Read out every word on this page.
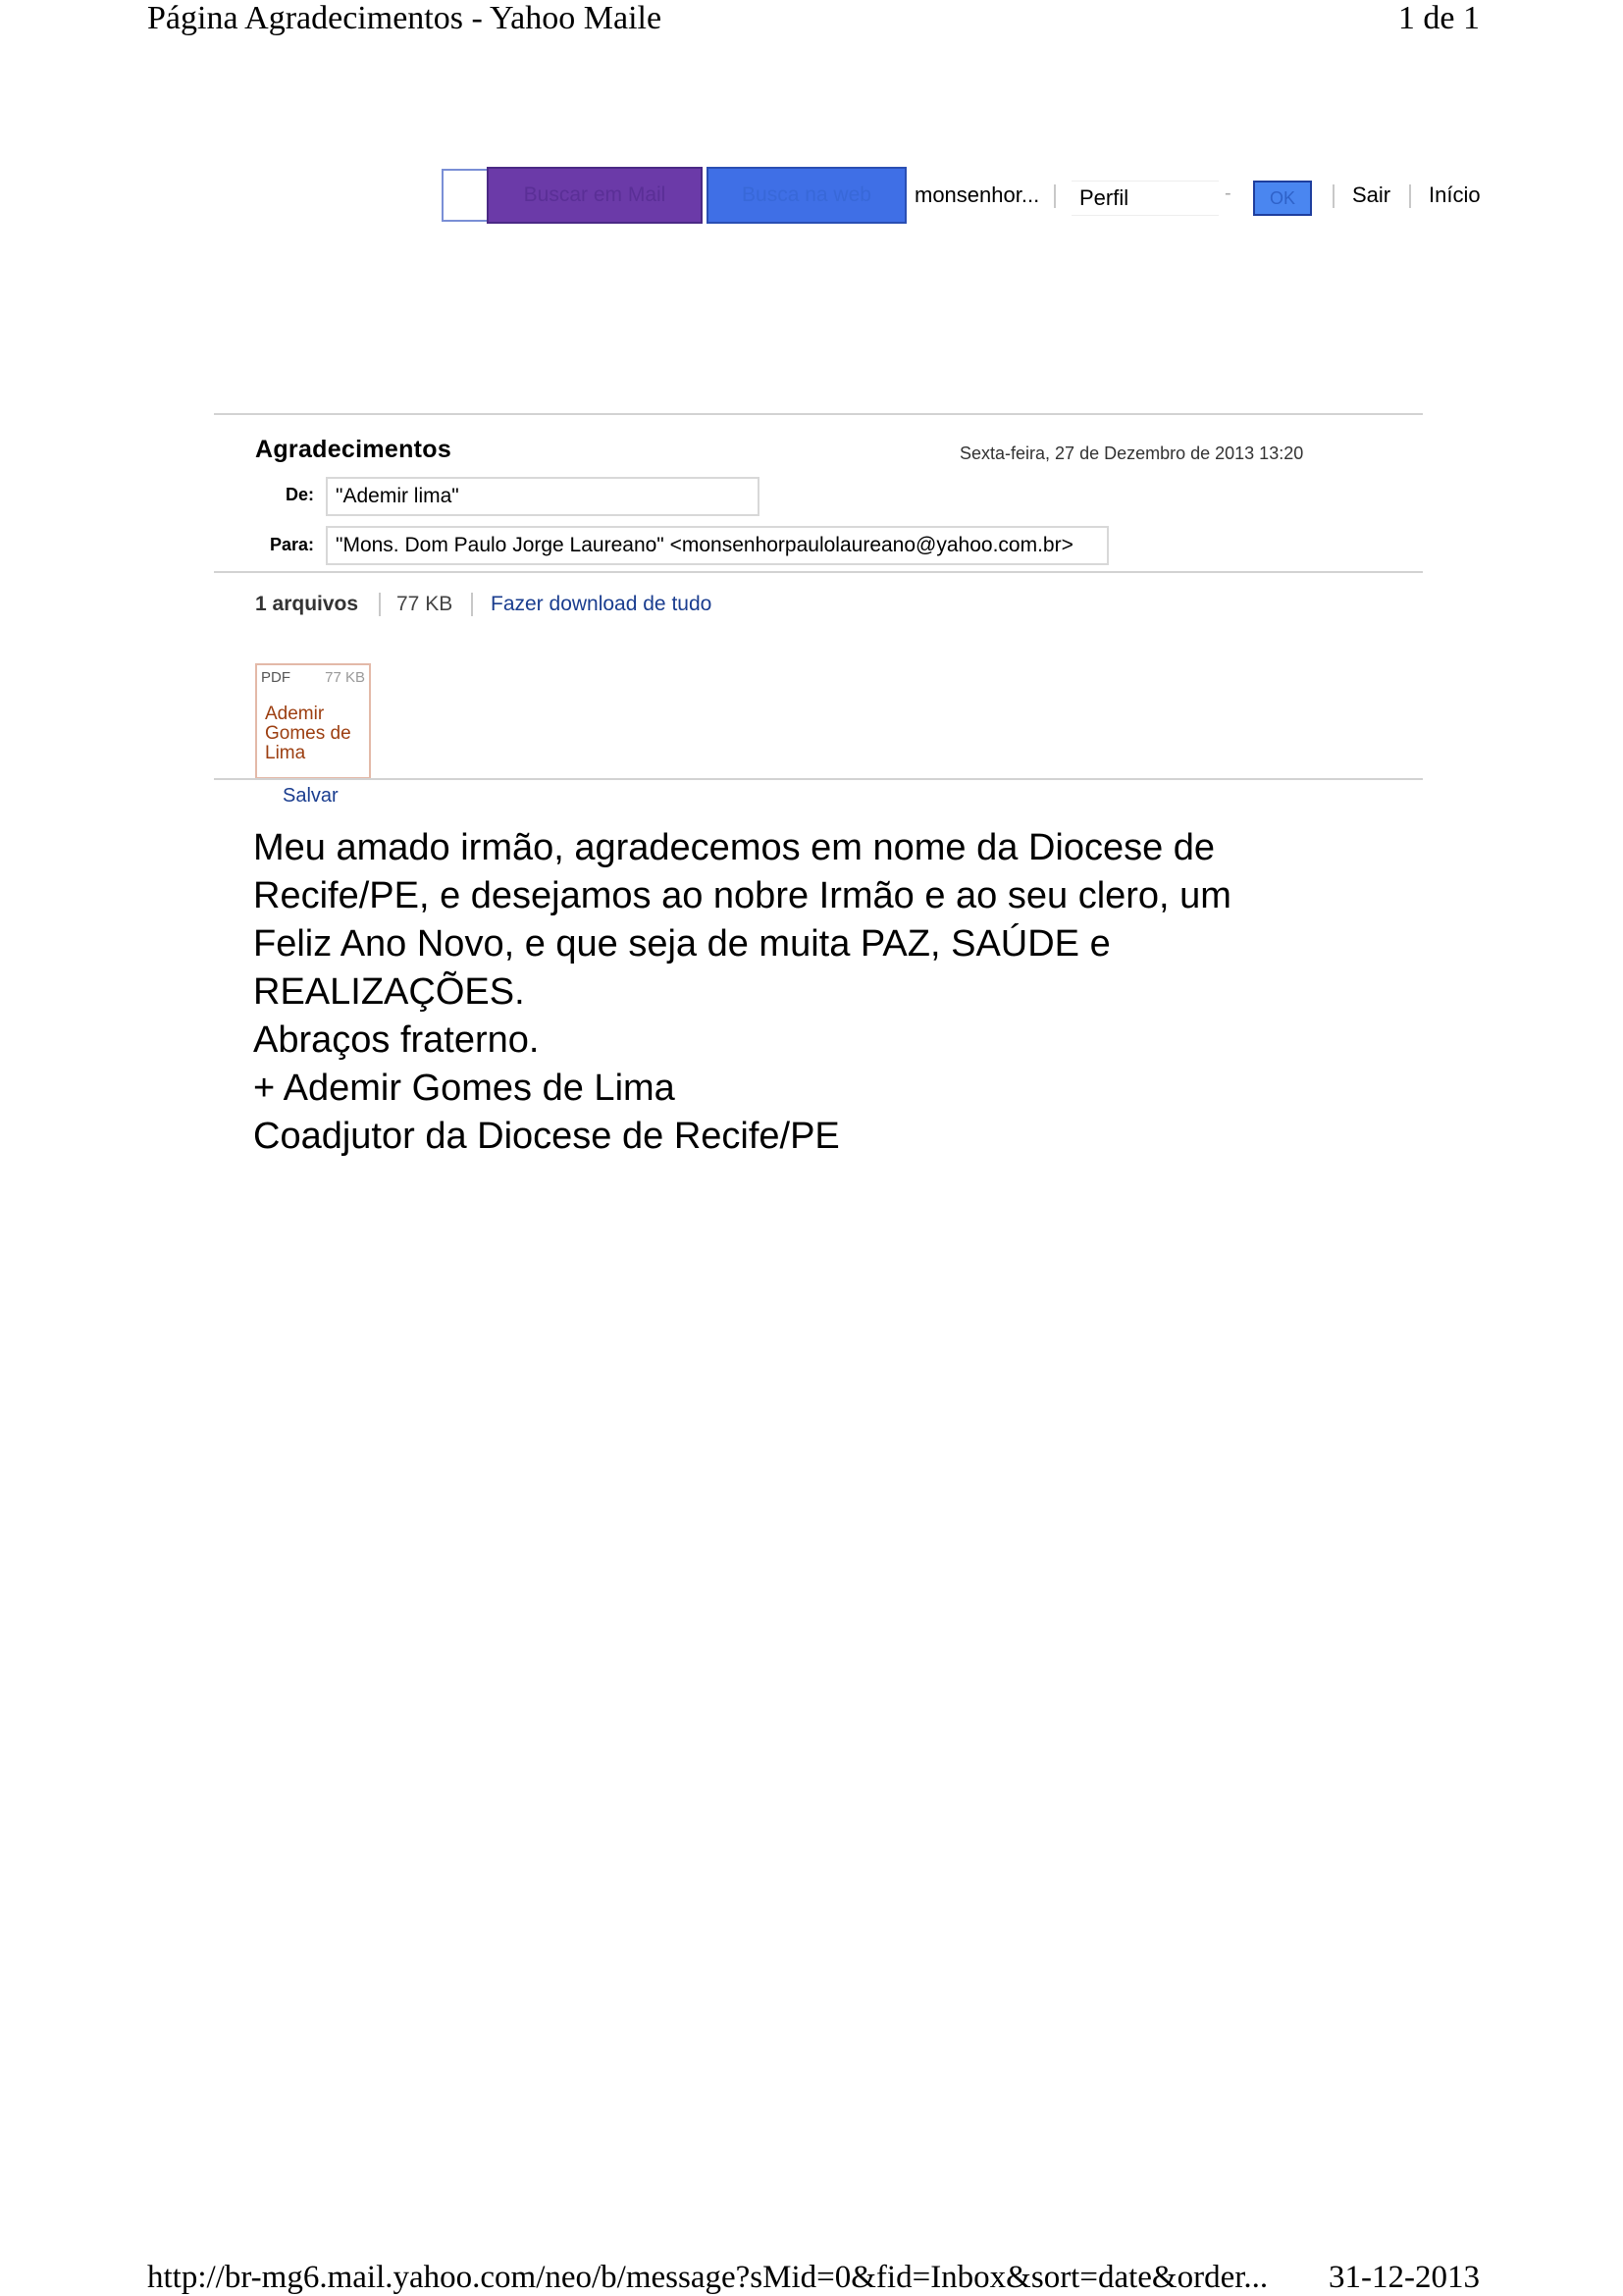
Página Agradecimentos - Yahoo Maile	1 de 1
Buscar em Mail	Busca na web	monsenhor...	Perfil	-	OK	Sair Início
Agradecimentos	Sexta-feira, 27 de Dezembro de 2013 13:20
De:	"Ademir lima"
Para:	"Mons. Dom Paulo Jorge Laureano" <monsenhorpaulolaureano@yahoo.com.br>
1 arquivos 77 KB Fazer download de tudo
PDF 77 KB
Ademir Gomes de Lima
Salvar
Meu amado irmão, agradecemos em nome da Diocese de
Recife/PE, e desejamos ao nobre Irmão e ao seu clero, um
Feliz Ano Novo, e que seja de muita PAZ, SAÚDE e
REALIZAÇÕES.
Abraços fraterno.
+ Ademir Gomes de Lima
Coadjutor da Diocese de Recife/PE
http://br-mg6.mail.yahoo.com/neo/b/message?sMid=0&fid=Inbox&sort=date&order... 31-12-2013
